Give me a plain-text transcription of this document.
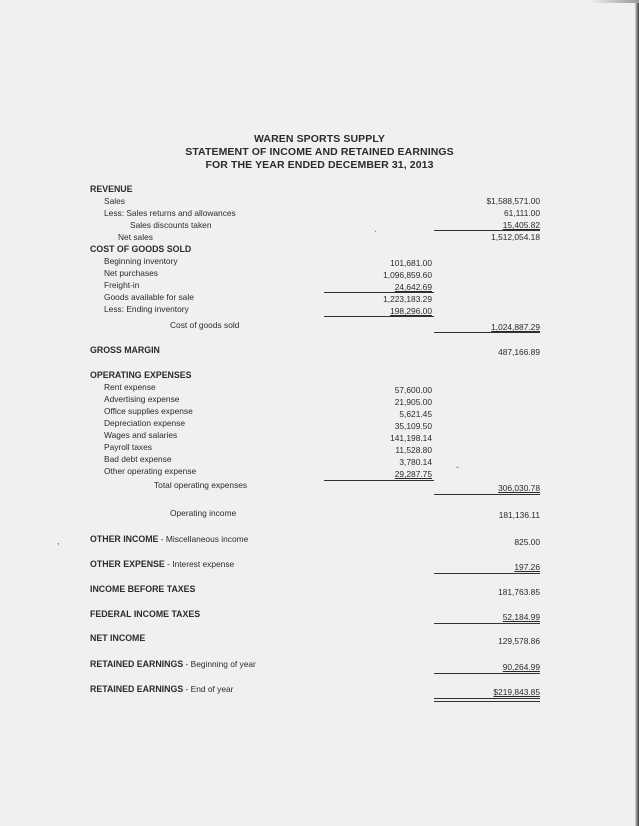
WAREN SPORTS SUPPLY
STATEMENT OF INCOME AND RETAINED EARNINGS
FOR THE YEAR ENDED DECEMBER 31, 2013
REVENUE
Sales	$1,588,571.00
Less: Sales returns and allowances	61,111.00
Sales discounts taken	15,405.82
ˎ
Net sales	1,512,054.18
COST OF GOODS SOLD
Beginning inventory	101,681.00
Net purchases	1,096,859.60
Freight-in	24,642.69
Goods available for sale	1,223,183.29
Less: Ending inventory	198,296.00
Cost of goods sold	1,024,887.29
GROSS MARGIN	487,166.89
OPERATING EXPENSES
Rent expense	57,600.00
Advertising expense	21,905.00
Office supplies expense	5,621.45
Depreciation expense	35,109.50
Wages and salaries	141,198.14
Payroll taxes	11,528.80
Bad debt expense	3,780.14
Other operating expense	29,287.75
-
Total operating expenses	306,030.78
Operating income	181,136.11
,	OTHER INCOME - Miscellaneous income	825.00
OTHER EXPENSE - Interest expense	197.26
INCOME BEFORE TAXES	181,763.85
FEDERAL INCOME TAXES	52,184.99
NET INCOME	129,578.86
RETAINED EARNINGS - Beginning of year	90,264.99
RETAINED EARNINGS - End of year	$219,843.85
